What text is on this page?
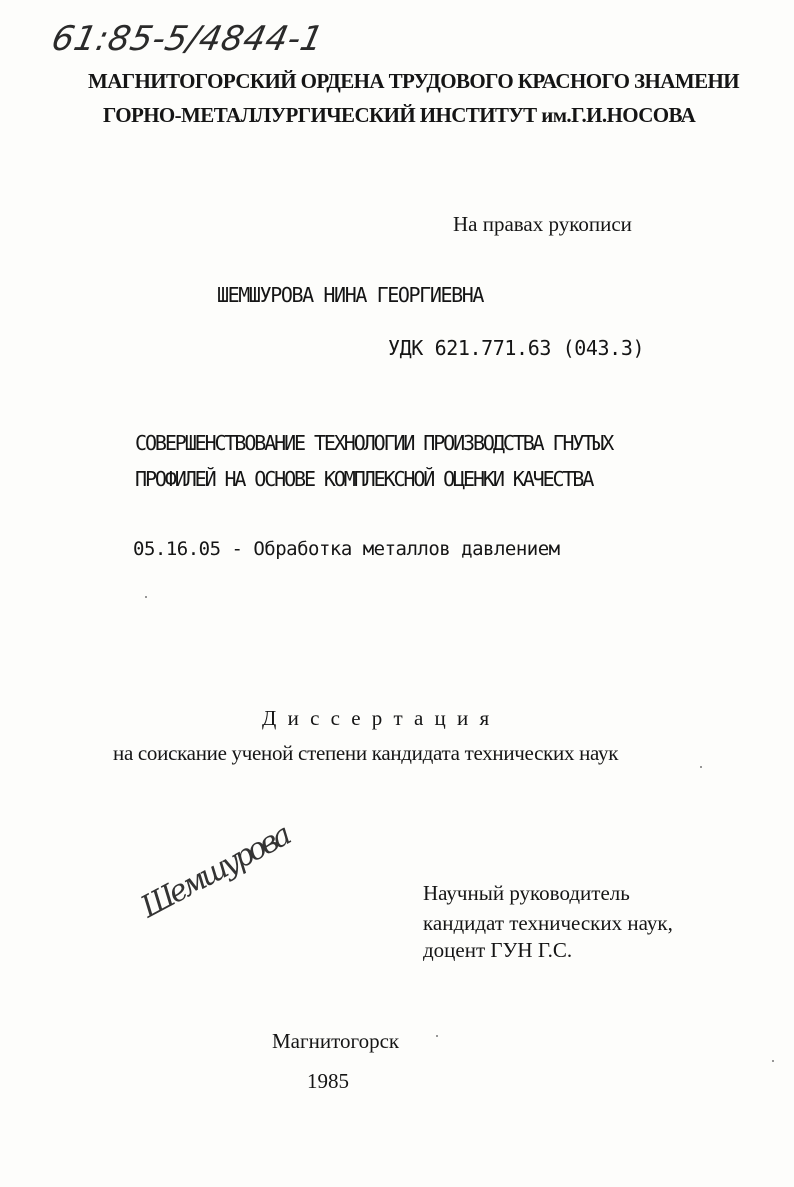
61:85-5/4844-1
МАГНИТОГОРСКИЙ ОРДЕНА ТРУДОВОГО КРАСНОГО ЗНАМЕНИ
ГОРНО-МЕТАЛЛУРГИЧЕСКИЙ ИНСТИТУТ им.Г.И.НОСОВА
На правах рукописи
ШЕМШУРОВА НИНА ГЕОРГИЕВНА
УДК 621.771.63 (043.3)
СОВЕРШЕНСТВОВАНИЕ ТЕХНОЛОГИИ ПРОИЗВОДСТВА ГНУТЫХ
ПРОФИЛЕЙ НА ОСНОВЕ КОМПЛЕКСНОЙ ОЦЕНКИ КАЧЕСТВА
05.16.05 - Обработка металлов давлением
Д и с с е р т а ц и я
на соискание ученой степени кандидата технических наук
Шемшурова
Научный руководитель
кандидат технических наук,
доцент ГУН Г.С.
Магнитогорск
1985
